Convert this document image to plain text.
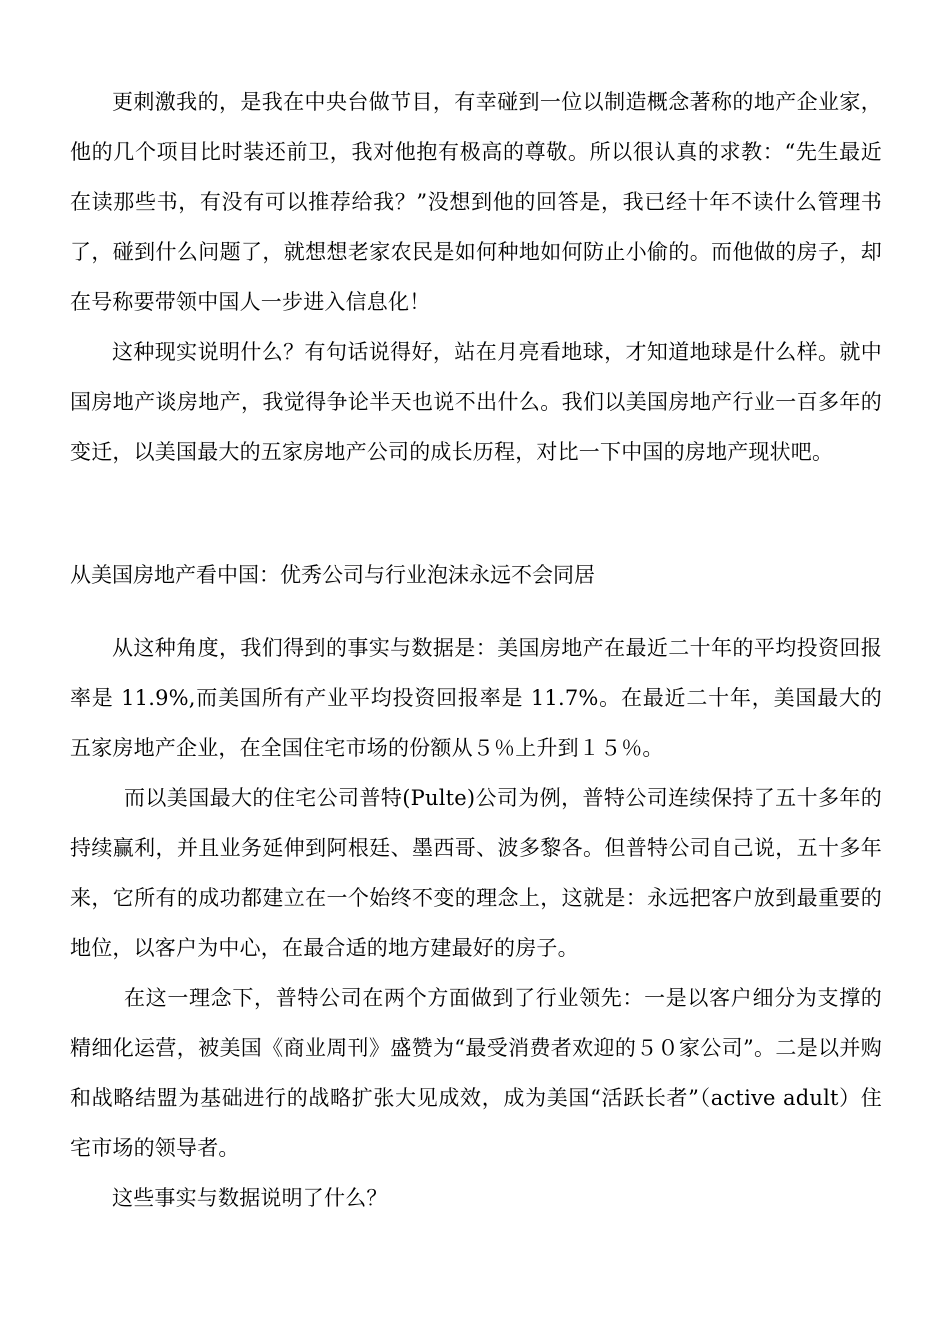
更刺激我的，是我在中央台做节目，有幸碰到一位以制造概念著称的地产企业家，他的几个项目比时装还前卫，我对他抱有极高的尊敬。所以很认真的求教：“先生最近在读那些书，有没有可以推荐给我？”没想到他的回答是，我已经十年不读什么管理书了，碰到什么问题了，就想想老家农民是如何种地如何防止小偷的。而他做的房子，却在号称要带领中国人一步进入信息化！

这种现实说明什么？有句话说得好，站在月亮看地球，才知道地球是什么样。就中国房地产谈房地产，我觉得争论半天也说不出什么。我们以美国房地产行业一百多年的变迁，以美国最大的五家房地产公司的成长历程，对比一下中国的房地产现状吧。

从美国房地产看中国：优秀公司与行业泡沫永远不会同居

从这种角度，我们得到的事实与数据是：美国房地产在最近二十年的平均投资回报率是 11.9%,而美国所有产业平均投资回报率是 11.7%。在最近二十年，美国最大的五家房地产企业，在全国住宅市场的份额从５％上升到１５％。

而以美国最大的住宅公司普特(Pulte)公司为例，普特公司连续保持了五十多年的持续赢利，并且业务延伸到阿根廷、墨西哥、波多黎各。但普特公司自己说，五十多年来，它所有的成功都建立在一个始终不变的理念上，这就是：永远把客户放到最重要的地位，以客户为中心，在最合适的地方建最好的房子。

在这一理念下，普特公司在两个方面做到了行业领先：一是以客户细分为支撑的精细化运营，被美国《商业周刊》盛赞为“最受消费者欢迎的５０家公司”。二是以并购和战略结盟为基础进行的战略扩张大见成效，成为美国“活跃长者”（active adult）住宅市场的领导者。

这些事实与数据说明了什么？
